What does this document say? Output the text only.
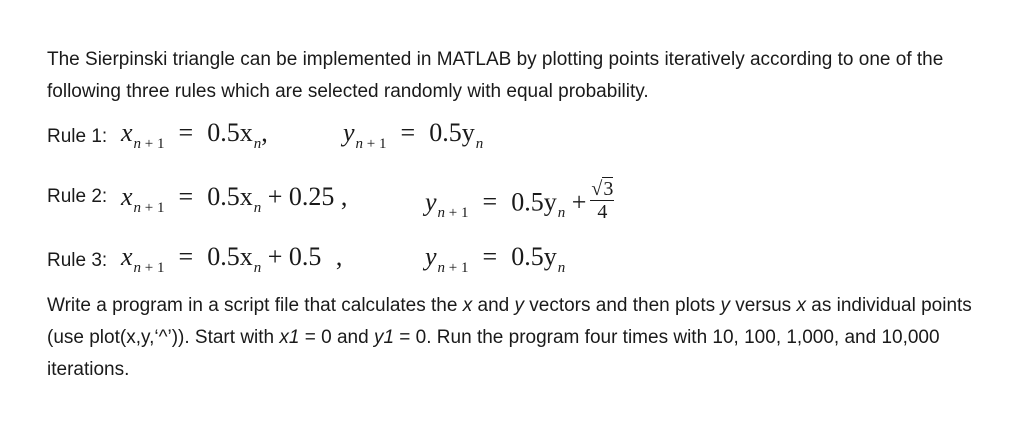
The Sierpinski triangle can be implemented in MATLAB by plotting points iteratively according to one of the following three rules which are selected randomly with equal probability.
Rule 1: $x_{n + 1} = 0.5x_n$,	$y_{n + 1} = 0.5y_n$
Rule 2: $x_{n + 1} = 0.5x_n + 0.25$ ,	$y_{n + 1} = 0.5y_n + \frac{√3}{4}$
Rule 3: $x_{n + 1} = 0.5x_n + 0.5$ ,	$y_{n + 1} = 0.5y_n$
Write a program in a script file that calculates the x and y vectors and then plots y versus x as individual points (use plot(x,y,‘^’)). Start with x1 = 0 and y1 = 0. Run the program four times with 10, 100, 1,000, and 10,000 iterations.
